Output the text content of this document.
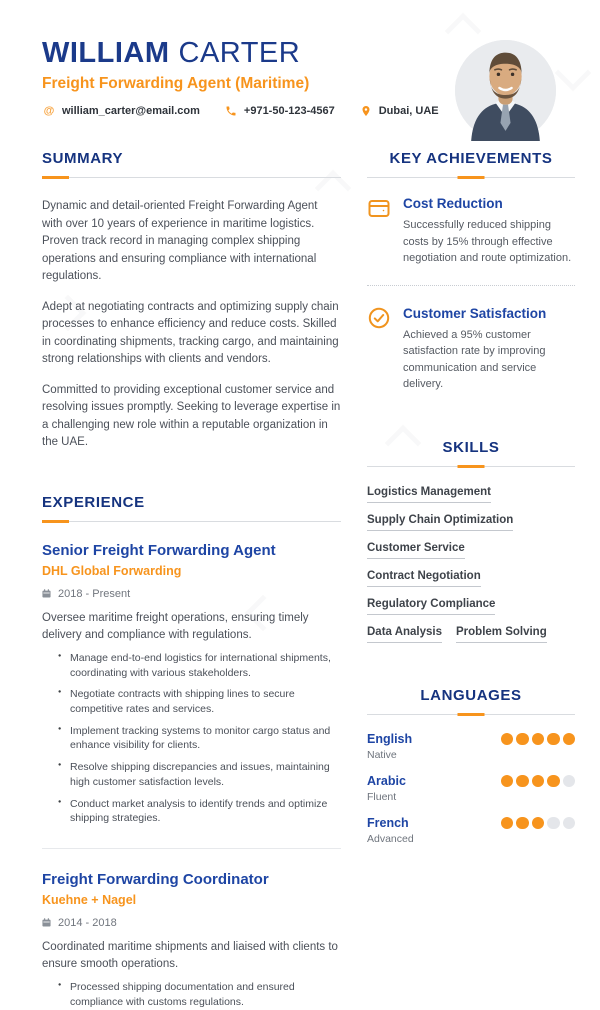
WILLIAM CARTER
Freight Forwarding Agent (Maritime)
@ william_carter@email.com	+971-50-123-4567	Dubai, UAE
SUMMARY

Dynamic and detail-oriented Freight Forwarding Agent with over 10 years of experience in maritime logistics. Proven track record in managing complex shipping operations and ensuring compliance with international regulations.

Adept at negotiating contracts and optimizing supply chain processes to enhance efficiency and reduce costs. Skilled in coordinating shipments, tracking cargo, and maintaining strong relationships with clients and vendors.

Committed to providing exceptional customer service and resolving issues promptly. Seeking to leverage expertise in a challenging new role within a reputable organization in the UAE.

EXPERIENCE
Senior Freight Forwarding Agent
DHL Global Forwarding
2018 - Present
Oversee maritime freight operations, ensuring timely delivery and compliance with regulations.
● Manage end-to-end logistics for international shipments, coordinating with various stakeholders.
● Negotiate contracts with shipping lines to secure competitive rates and services.
● Implement tracking systems to monitor cargo status and enhance visibility for clients.
● Resolve shipping discrepancies and issues, maintaining high customer satisfaction levels.
● Conduct market analysis to identify trends and optimize shipping strategies.
Freight Forwarding Coordinator
Kuehne + Nagel
2014 - 2018
Coordinated maritime shipments and liaised with clients to ensure smooth operations.
● Processed shipping documentation and ensured compliance with customs regulations.
KEY ACHIEVEMENTS
Cost Reduction
Successfully reduced shipping costs by 15% through effective negotiation and route optimization.
Customer Satisfaction
Achieved a 95% customer satisfaction rate by improving communication and service delivery.
SKILLS
Logistics Management
Supply Chain Optimization
Customer Service
Contract Negotiation
Regulatory Compliance
Data Analysis Problem Solving
LANGUAGES
English
Native
Arabic
Fluent
French
Advanced
